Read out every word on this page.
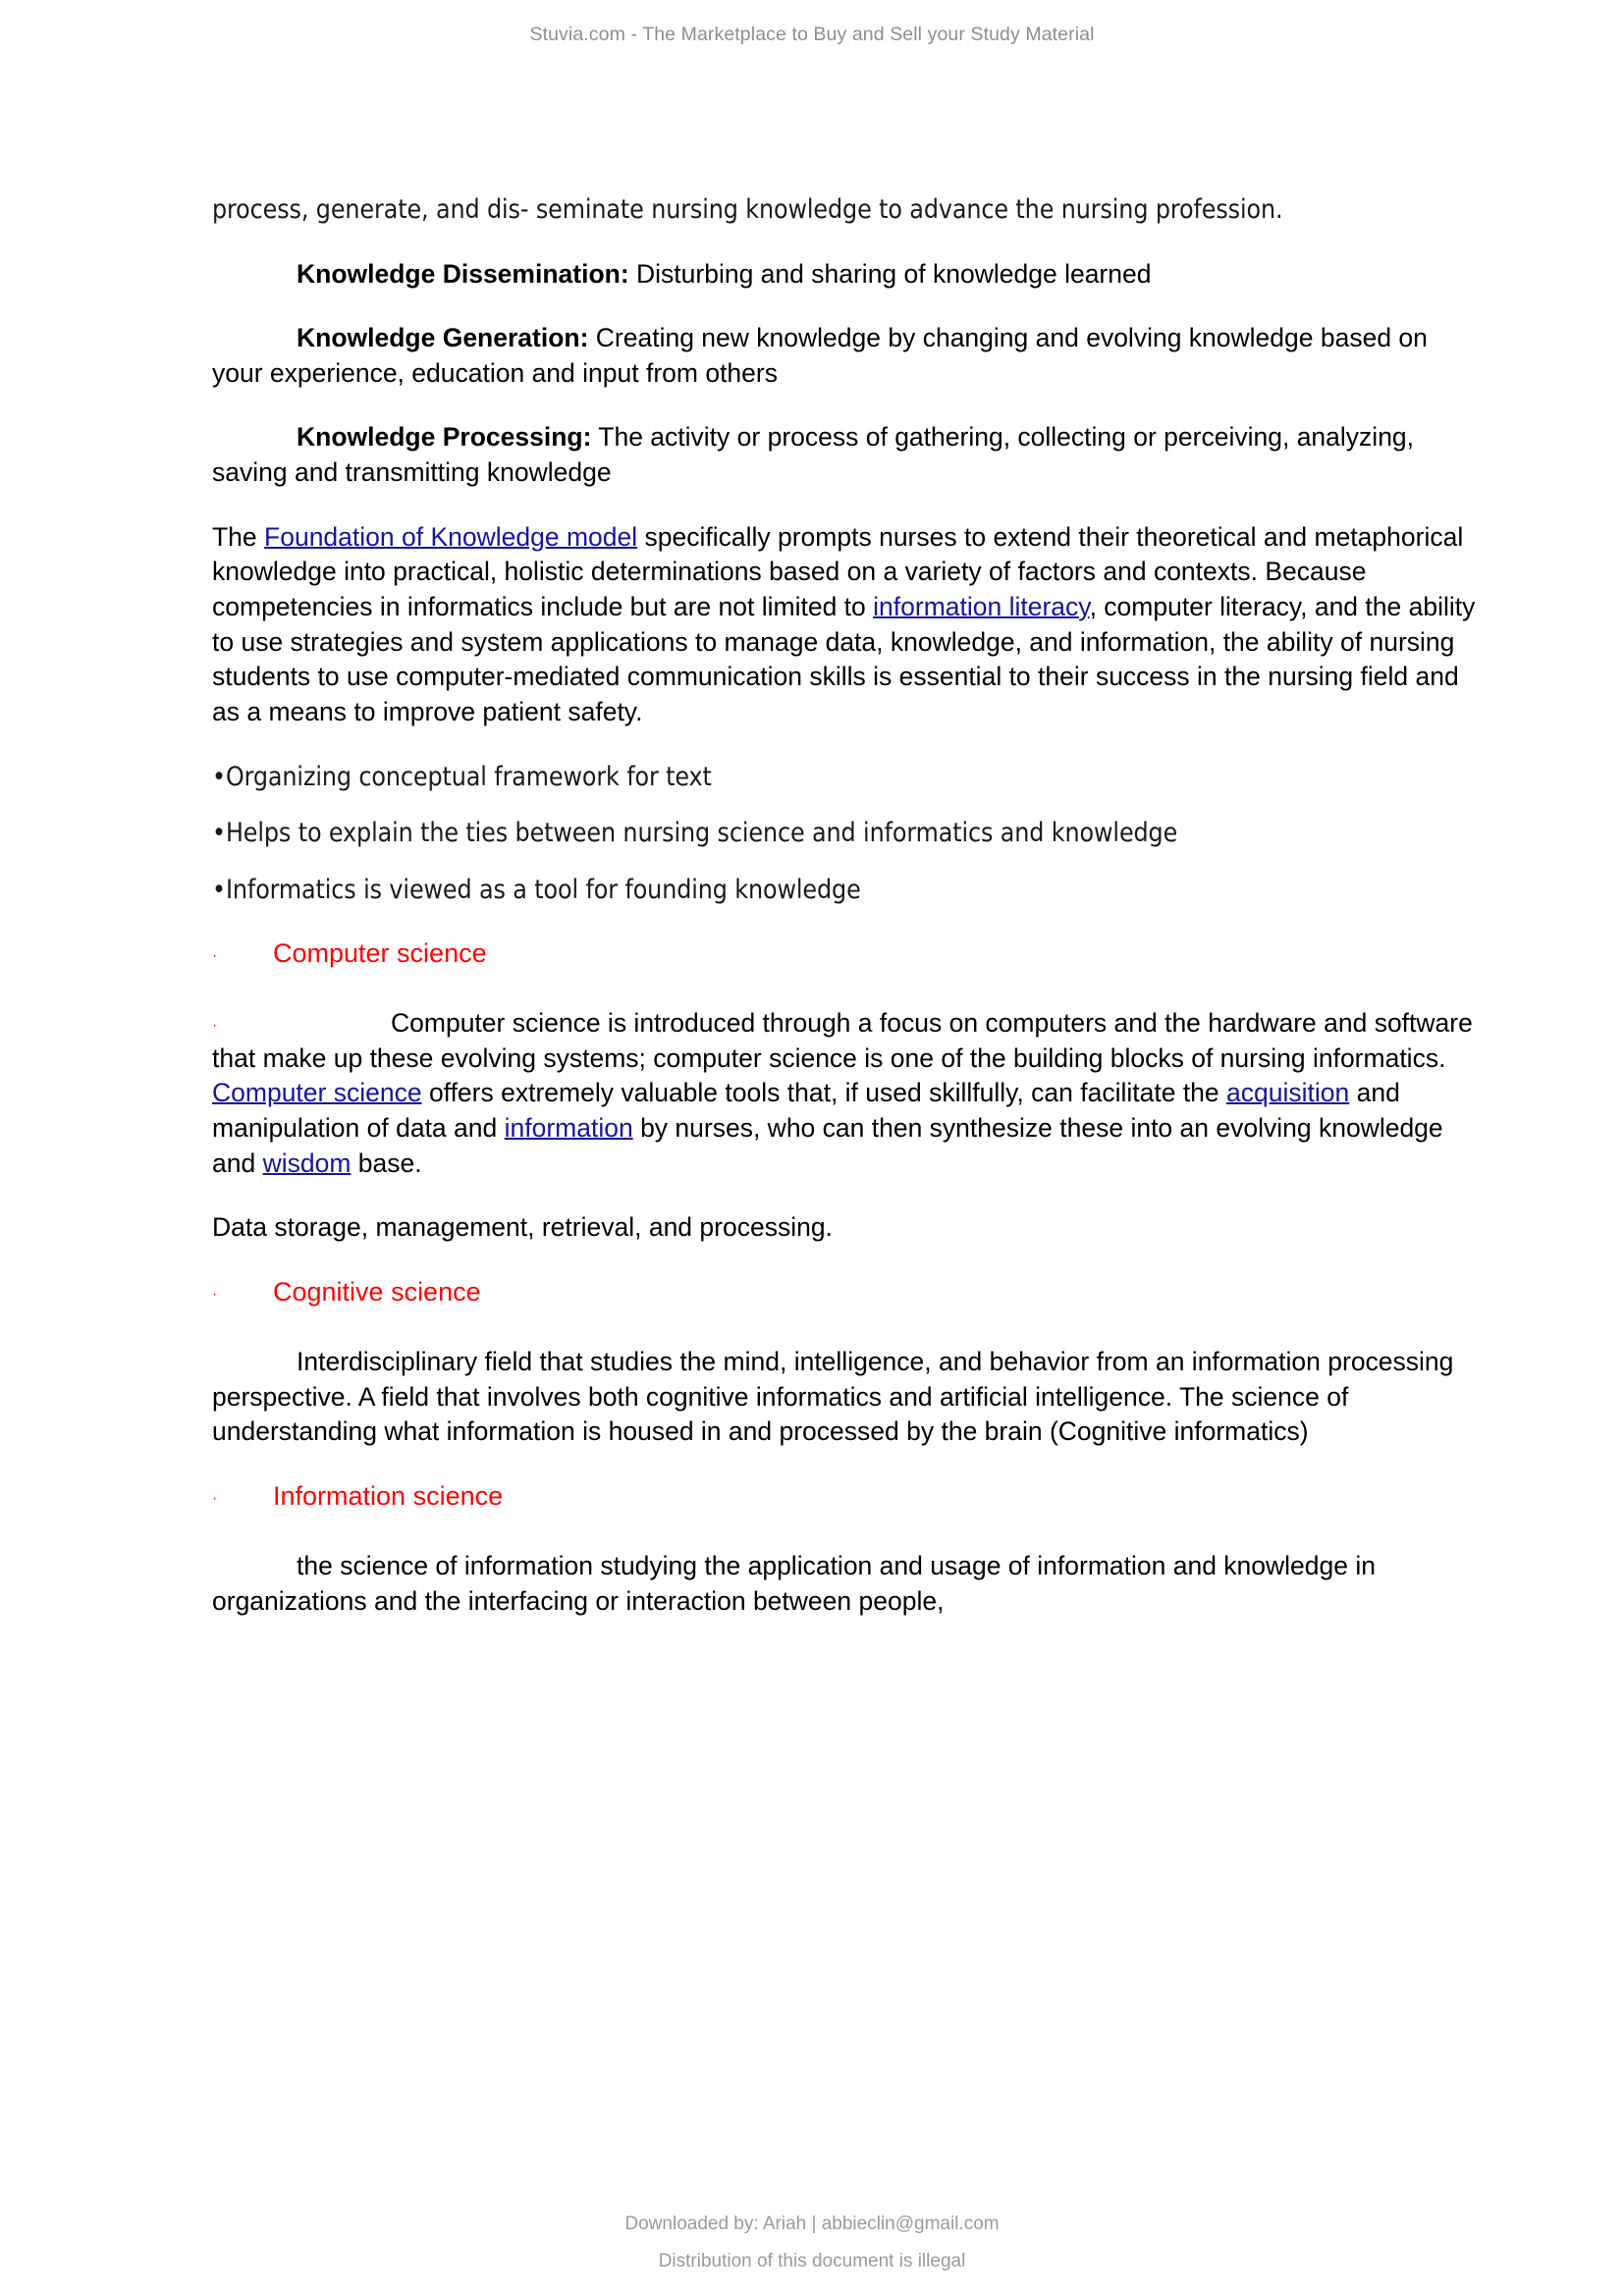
Stuvia.com - The Marketplace to Buy and Sell your Study Material

process, generate, and dis- seminate nursing knowledge to advance the nursing profession.

Knowledge Dissemination: Disturbing and sharing of knowledge learned

Knowledge Generation: Creating new knowledge by changing and evolving knowledge based on your experience, education and input from others

Knowledge Processing: The activity or process of gathering, collecting or perceiving, analyzing, saving and transmitting knowledge

The Foundation of Knowledge model specifically prompts nurses to extend their theoretical and metaphorical knowledge into practical, holistic determinations based on a variety of factors and contexts. Because competencies in informatics include but are not limited to information literacy, computer literacy, and the ability to use strategies and system applications to manage data, knowledge, and information, the ability of nursing students to use computer-mediated communication skills is essential to their success in the nursing field and as a means to improve patient safety.

•Organizing conceptual framework for text

•Helps to explain the ties between nursing science and informatics and knowledge

•Informatics is viewed as a tool for founding knowledge

· Computer science

·	Computer science is introduced through a focus on computers and the hardware and software that make up these evolving systems; computer science is one of the building blocks of nursing informatics. Computer science offers extremely valuable tools that, if used skillfully, can facilitate the acquisition and manipulation of data and information by nurses, who can then synthesize these into an evolving knowledge and wisdom base.

Data storage, management, retrieval, and processing.

· Cognitive science

Interdisciplinary field that studies the mind, intelligence, and behavior from an information processing perspective. A field that involves both cognitive informatics and artificial intelligence. The science of understanding what information is housed in and processed by the brain (Cognitive informatics)

· Information science

the science of information studying the application and usage of information and knowledge in organizations and the interfacing or interaction between people,

Downloaded by: Ariah | abbieclin@gmail.com
Distribution of this document is illegal
